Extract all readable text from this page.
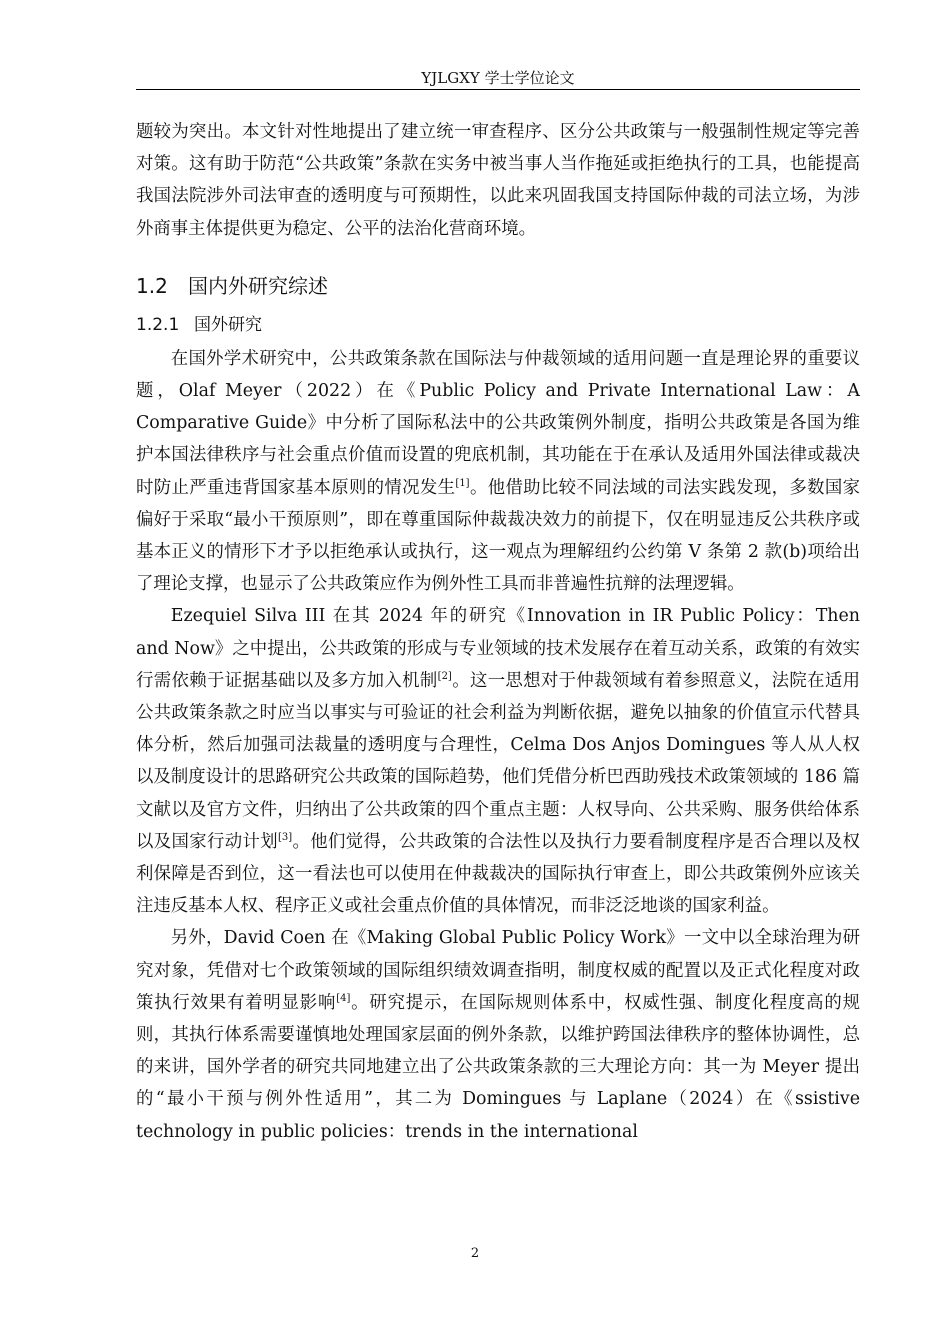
YJLGXY 学士学位论文

题较为突出。本文针对性地提出了建立统一审查程序、区分公共政策与一般强制性规定等完善对策。这有助于防范“公共政策”条款在实务中被当事人当作拖延或拒绝执行的工具，也能提高我国法院涉外司法审查的透明度与可预期性，以此来巩固我国支持国际仲裁的司法立场，为涉外商事主体提供更为稳定、公平的法治化营商环境。

1.2 国内外研究综述
1.2.1 国外研究

在国外学术研究中，公共政策条款在国际法与仲裁领域的适用问题一直是理论界的重要议题，Olaf Meyer（2022）在《Public Policy and Private International Law：A Comparative Guide》中分析了国际私法中的公共政策例外制度，指明公共政策是各国为维护本国法律秩序与社会重点价值而设置的兜底机制，其功能在于在承认及适用外国法律或裁决时防止严重违背国家基本原则的情况发生[1]。他借助比较不同法域的司法实践发现，多数国家偏好于采取“最小干预原则”，即在尊重国际仲裁裁决效力的前提下，仅在明显违反公共秩序或基本正义的情形下才予以拒绝承认或执行，这一观点为理解纽约公约第 V 条第 2 款(b)项给出了理论支撑，也显示了公共政策应作为例外性工具而非普遍性抗辩的法理逻辑。

Ezequiel Silva III 在其 2024 年的研究《Innovation in IR Public Policy：Then and Now》之中提出，公共政策的形成与专业领域的技术发展存在着互动关系，政策的有效实行需依赖于证据基础以及多方加入机制[2]。这一思想对于仲裁领域有着参照意义，法院在适用公共政策条款之时应当以事实与可验证的社会利益为判断依据，避免以抽象的价值宣示代替具体分析，然后加强司法裁量的透明度与合理性，Celma Dos Anjos Domingues 等人从人权以及制度设计的思路研究公共政策的国际趋势，他们凭借分析巴西助残技术政策领域的 186 篇文献以及官方文件，归纳出了公共政策的四个重点主题：人权导向、公共采购、服务供给体系以及国家行动计划[3]。他们觉得，公共政策的合法性以及执行力要看制度程序是否合理以及权利保障是否到位，这一看法也可以使用在仲裁裁决的国际执行审查上，即公共政策例外应该关注违反基本人权、程序正义或社会重点价值的具体情况，而非泛泛地谈的国家利益。

另外，David Coen 在《Making Global Public Policy Work》一文中以全球治理为研究对象，凭借对七个政策领域的国际组织绩效调查指明，制度权威的配置以及正式化程度对政策执行效果有着明显影响[4]。研究提示，在国际规则体系中，权威性强、制度化程度高的规则，其执行体系需要谨慎地处理国家层面的例外条款，以维护跨国法律秩序的整体协调性，总的来讲，国外学者的研究共同地建立出了公共政策条款的三大理论方向：其一为 Meyer 提出的“最小干预与例外性适用”，其二为 Domingues 与 Laplane（2024）在《ssistive technology in public policies：trends in the international

2
